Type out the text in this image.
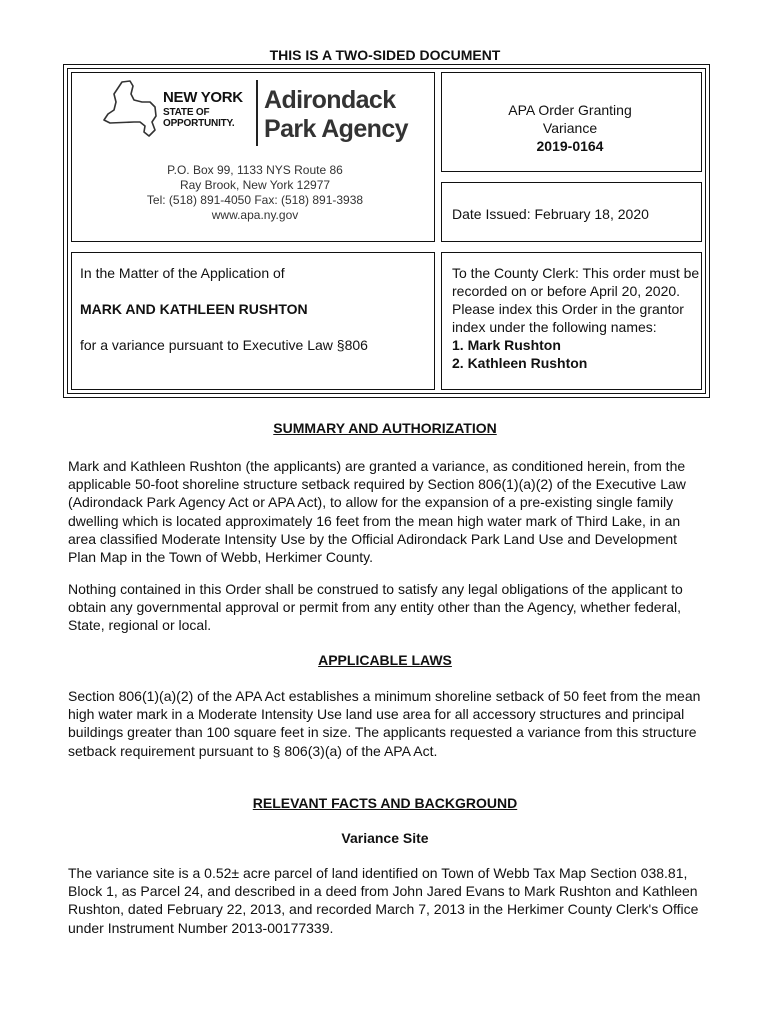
THIS IS A TWO-SIDED DOCUMENT
NEW YORK
STATE OF
OPPORTUNITY.
Adirondack
Park Agency
P.O. Box 99, 1133 NYS Route 86
Ray Brook, New York 12977
Tel: (518) 891-4050 Fax: (518) 891-3938
www.apa.ny.gov
APA Order Granting
Variance
2019-0164
Date Issued: February 18, 2020

In the Matter of the Application of

MARK AND KATHLEEN RUSHTON

for a variance pursuant to Executive Law §806

To the County Clerk: This order must be recorded on or before April 20, 2020. Please index this Order in the grantor index under the following names:
1. Mark Rushton
2. Kathleen Rushton
SUMMARY AND AUTHORIZATION
Mark and Kathleen Rushton (the applicants) are granted a variance, as conditioned herein, from the applicable 50-foot shoreline structure setback required by Section 806(1)(a)(2) of the Executive Law (Adirondack Park Agency Act or APA Act), to allow for the expansion of a pre-existing single family dwelling which is located approximately 16 feet from the mean high water mark of Third Lake, in an area classified Moderate Intensity Use by the Official Adirondack Park Land Use and Development Plan Map in the Town of Webb, Herkimer County.
Nothing contained in this Order shall be construed to satisfy any legal obligations of the applicant to obtain any governmental approval or permit from any entity other than the Agency, whether federal, State, regional or local.
APPLICABLE LAWS
Section 806(1)(a)(2) of the APA Act establishes a minimum shoreline setback of 50 feet from the mean high water mark in a Moderate Intensity Use land use area for all accessory structures and principal buildings greater than 100 square feet in size. The applicants requested a variance from this structure setback requirement pursuant to § 806(3)(a) of the APA Act.
RELEVANT FACTS AND BACKGROUND
Variance Site
The variance site is a 0.52± acre parcel of land identified on Town of Webb Tax Map Section 038.81, Block 1, as Parcel 24, and described in a deed from John Jared Evans to Mark Rushton and Kathleen Rushton, dated February 22, 2013, and recorded March 7, 2013 in the Herkimer County Clerk's Office under Instrument Number 2013-00177339.
